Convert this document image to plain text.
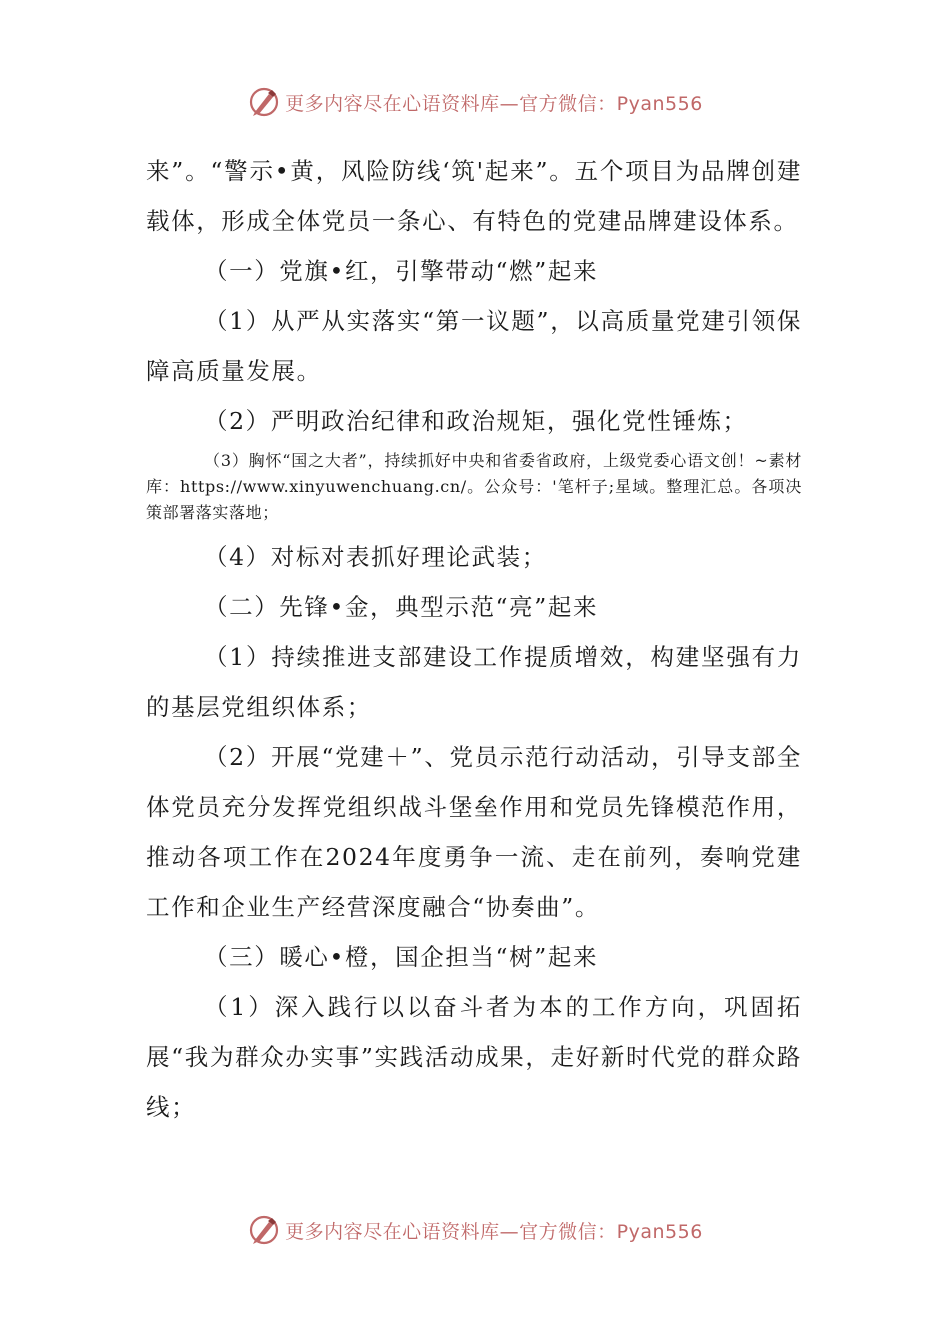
更多内容尽在心语资料库—官方微信：Pyan556

来”。“警示•黄，风险防线‘筑'起来”。五个项目为品牌创建载体，形成全体党员一条心、有特色的党建品牌建设体系。

（一）党旗•红，引擎带动“燃”起来

（1）从严从实落实“第一议题”，以高质量党建引领保障高质量发展。

（2）严明政治纪律和政治规矩，强化党性锤炼；

（3）胸怀“国之大者”，持续抓好中央和省委省政府，上级党委心语文创！~素材库：https://www.xinyuwenchuang.cn/。公众号：'笔杆子;星域。整理汇总。各项决策部署落实落地；

（4）对标对表抓好理论武装；

（二）先锋•金，典型示范“亮”起来

（1）持续推进支部建设工作提质增效，构建坚强有力的基层党组织体系；

（2）开展“党建＋”、党员示范行动活动，引导支部全体党员充分发挥党组织战斗堡垒作用和党员先锋模范作用，推动各项工作在2024年度勇争一流、走在前列，奏响党建工作和企业生产经营深度融合“协奏曲”。

（三）暖心•橙，国企担当“树”起来

（1）深入践行以以奋斗者为本的工作方向，巩固拓展“我为群众办实事”实践活动成果，走好新时代党的群众路线；

更多内容尽在心语资料库—官方微信：Pyan556
